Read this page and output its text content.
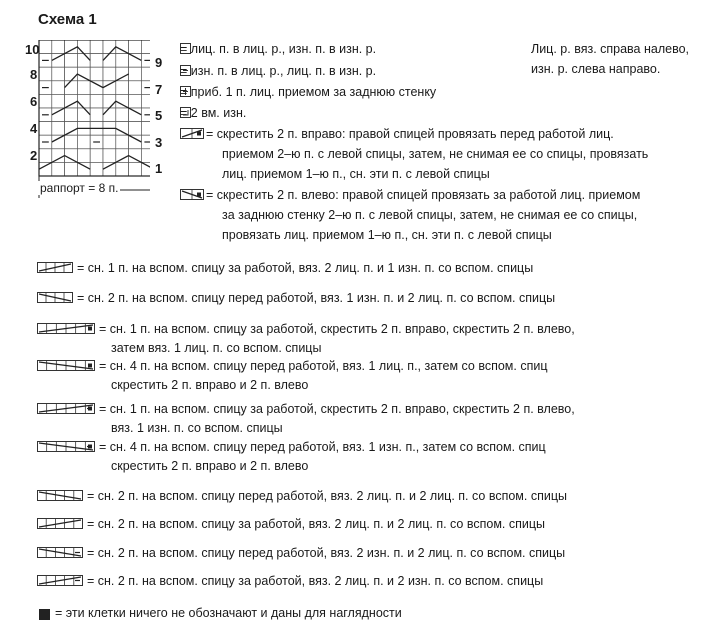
Схема 1
10
8
6
4
2
9
7
5
3
1
раппорт = 8 п.
Лиц. р. вяз. справа налево,
изн. р. слева направо.
= лиц. п. в лиц. р., изн. п. в изн. р.
= изн. п. в лиц. р., лиц. п. в изн. р.
= приб. 1 п. лиц. приемом за заднюю стенку
= 2 вм. изн.
= скрестить 2 п. вправо: правой спицей провязать перед работой лиц.
приемом 2–ю п. с левой спицы, затем, не снимая ее со спицы, провязать
лиц. приемом 1–ю п., сн. эти п. с левой спицы
= скрестить 2 п. влево: правой спицей провязать за работой лиц. приемом
за заднюю стенку 2–ю п. с левой спицы, затем, не снимая ее со спицы,
провязать лиц. приемом 1–ю п., сн. эти п. с левой спицы
= сн. 1 п. на вспом. спицу за работой, вяз. 2 лиц. п. и 1 изн. п. со вспом. спицы
= сн. 2 п. на вспом. спицу перед работой, вяз. 1 изн. п. и 2 лиц. п. со вспом. спицы
= сн. 1 п. на вспом. спицу за работой, скрестить 2 п. вправо, скрестить 2 п. влево,
затем вяз. 1 лиц. п. со вспом. спицы
= сн. 4 п. на вспом. спицу перед работой, вяз. 1 лиц. п., затем со вспом. спиц
скрестить 2 п. вправо и 2 п. влево
= сн. 1 п. на вспом. спицу за работой, скрестить 2 п. вправо, скрестить 2 п. влево,
вяз. 1 изн. п. со вспом. спицы
= сн. 4 п. на вспом. спицу перед работой, вяз. 1 изн. п., затем со вспом. спиц
скрестить 2 п. вправо и 2 п. влево
= сн. 2 п. на вспом. спицу перед работой, вяз. 2 лиц. п. и 2 лиц. п. со вспом. спицы
= сн. 2 п. на вспом. спицу за работой, вяз. 2 лиц. п. и 2 лиц. п. со вспом. спицы
= сн. 2 п. на вспом. спицу перед работой, вяз. 2 изн. п. и 2 лиц. п. со вспом. спицы
= сн. 2 п. на вспом. спицу за работой, вяз. 2 лиц. п. и 2 изн. п. со вспом. спицы
= эти клетки ничего не обозначают и даны для наглядности
